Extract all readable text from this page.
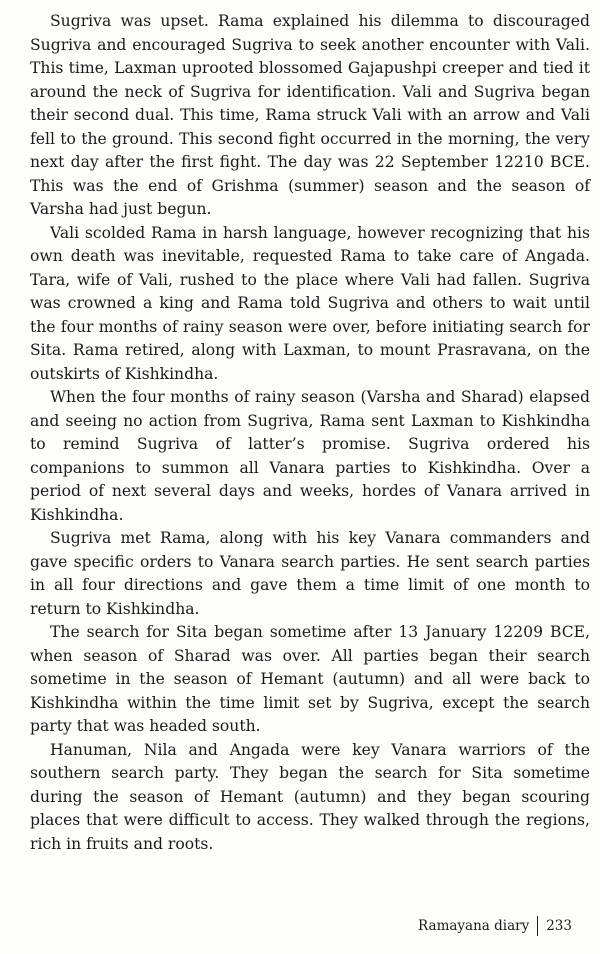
Sugriva was upset. Rama explained his dilemma to discouraged Sugriva and encouraged Sugriva to seek another encounter with Vali. This time, Laxman uprooted blossomed Gajapushpi creeper and tied it around the neck of Sugriva for identification. Vali and Sugriva began their second dual. This time, Rama struck Vali with an arrow and Vali fell to the ground. This second fight occurred in the morning, the very next day after the first fight. The day was 22 September 12210 BCE. This was the end of Grishma (summer) season and the season of Varsha had just begun.

Vali scolded Rama in harsh language, however recognizing that his own death was inevitable, requested Rama to take care of Angada. Tara, wife of Vali, rushed to the place where Vali had fallen. Sugriva was crowned a king and Rama told Sugriva and others to wait until the four months of rainy season were over, before initiating search for Sita. Rama retired, along with Laxman, to mount Prasravana, on the outskirts of Kishkindha.

When the four months of rainy season (Varsha and Sharad) elapsed and seeing no action from Sugriva, Rama sent Laxman to Kishkindha to remind Sugriva of latter’s promise. Sugriva ordered his companions to summon all Vanara parties to Kishkindha. Over a period of next several days and weeks, hordes of Vanara arrived in Kishkindha.

Sugriva met Rama, along with his key Vanara commanders and gave specific orders to Vanara search parties. He sent search parties in all four directions and gave them a time limit of one month to return to Kishkindha.

The search for Sita began sometime after 13 January 12209 BCE, when season of Sharad was over. All parties began their search sometime in the season of Hemant (autumn) and all were back to Kishkindha within the time limit set by Sugriva, except the search party that was headed south.

Hanuman, Nila and Angada were key Vanara warriors of the southern search party. They began the search for Sita sometime during the season of Hemant (autumn) and they began scouring places that were difficult to access. They walked through the regions, rich in fruits and roots.

Ramayana diary 233
